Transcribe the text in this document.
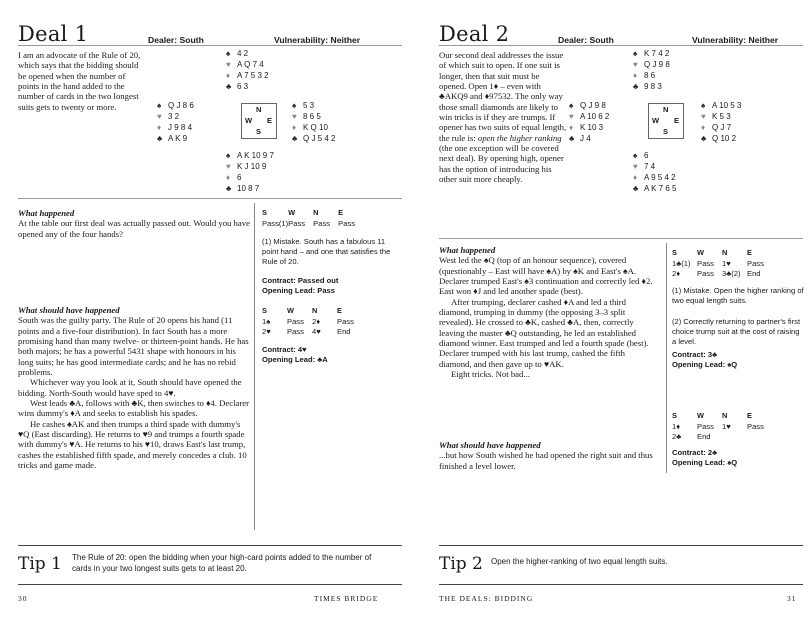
Deal 1	Dealer: South	Vulnerability: Neither
I am an advocate of the Rule of 20, which says that the bidding should be opened when the number of points in the hand added to the number of cards in the two longest suits gets to twenty or more.
♠ 4 2
♥ A Q 7 4
♦ A 7 5 3 2
♣ 6 3
♠ Q J 8 6
♥ 3 2
♦ J 9 8 4
♣ A K 9
N
W E
S
♠ 5 3
♥ 8 6 5
♦ K Q 10
♣ Q J 5 4 2
♠ A K 10 9 7
♥ K J 10 9
♦ 6
♣ 10 8 7
What happened

At the table our first deal was actually passed out. Would you have opened any of the four hands?

What should have happened

South was the guilty party. The Rule of 20 opens his hand (11 points and a five-four distribution). In fact South has a more promising hand than many twelve- or thirteen-point hands. He has both majors; he has a powerful 5431 shape with honours in his long suits; he has good intermediate cards; and he has no rebid problems.

Whichever way you look at it, South should have opened the bidding. North-South would have sped to 4♥.

West leads ♣A, follows with ♣K, then switches to ♦4. Declarer wins dummy's ♦A and seeks to establish his spades.

He cashes ♠AK and then trumps a third spade with dummy's ♥Q (East discarding). He returns to ♥9 and trumps a fourth spade with dummy's ♥A. He returns to his ♥10, draws East's last trump, cashes the established fifth spade, and merely concedes a club. 10 tricks and game made.

S	W	N	E
Pass(1)	Pass	Pass	Pass
(1) Mistake. South has a fabulous 11 point hand – and one that satisfies the Rule of 20.
Contract: Passed out
Opening Lead: Pass
S	W	N	E
1♠	Pass	2♦	Pass
2♥	Pass	4♥	End
Contract: 4♥
Opening Lead: ♣A
Tip 1 The Rule of 20: open the bidding when your high-card points added to the number of cards in your two longest suits gets to at least 20.
30	TIMES BRIDGE
Deal 2	Dealer: South	Vulnerability: Neither
Our second deal addresses the issue of which suit to open. If one suit is longer, then that suit must be opened. Open 1♦ – even with ♣AKQ9 and ♦97532. The only way those small diamonds are likely to win tricks is if they are trumps. If opener has two suits of equal length, the rule is: open the higher ranking (the one exception will be covered next deal). By opening high, opener has the option of introducing his other suit more cheaply.
♠ K 7 4 2
♥ Q J 9 8
♦ 8 6
♣ 9 8 3
♠ Q J 9 8
♥ A 10 6 2
♦ K 10 3
♣ J 4
N
W E
S
♠ A 10 5 3
♥ K 5 3
♦ Q J 7
♣ Q 10 2
♠ 6
♥ 7 4
♦ A 9 5 4 2
♣ A K 7 6 5
What happened

West led the ♠Q (top of an honour sequence), covered (questionably – East will have ♠A) by ♠K and East's ♠A. Declarer trumped East's ♠3 continuation and correctly led ♦2. East won ♦J and led another spade (best).

After trumping, declarer cashed ♦A and led a third diamond, trumping in dummy (the opposing 3–3 split revealed). He crossed to ♣K, cashed ♣A, then, correctly leaving the master ♣Q outstanding, he led an established diamond winner. East trumped and led a fourth spade (best). Declarer trumped with his last trump, cashed the fifth diamond, and then gave up to ♥AK.

Eight tricks. Not bad...

What should have happened

...but how South wished he had opened the right suit and thus finished a level lower.

S	W	N	E
1♣(1)	Pass	1♥	Pass
2♦	Pass	3♣(2)	End
(1) Mistake. Open the higher ranking of two equal length suits.
(2) Correctly returning to partner's first choice trump suit at the cost of raising a level.
Contract: 3♣
Opening Lead: ♠Q
S	W	N	E
1♦	Pass	1♥	Pass
2♣	End		
Contract: 2♣
Opening Lead: ♠Q
Tip 2 Open the higher-ranking of two equal length suits.
THE DEALS: BIDDING	31
